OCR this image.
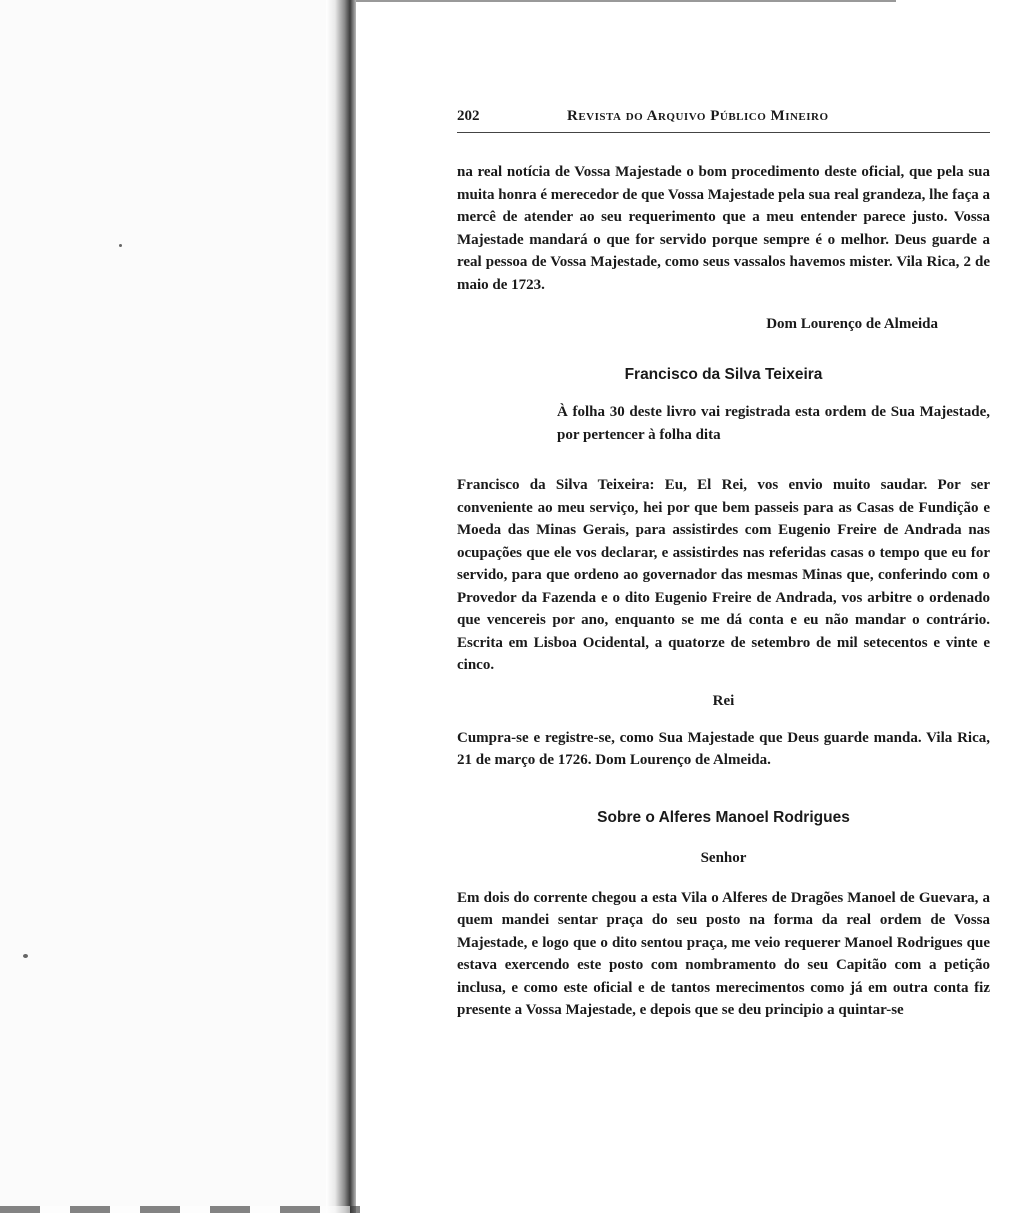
202	Revista do Arquivo Público Mineiro

na real notícia de Vossa Majestade o bom procedimento deste oficial, que pela sua muita honra é merecedor de que Vossa Majestade pela sua real grandeza, lhe faça a mercê de atender ao seu requerimento que a meu entender parece justo. Vossa Majestade mandará o que for servido porque sempre é o melhor. Deus guarde a real pessoa de Vossa Majestade, como seus vassalos havemos mister. Vila Rica, 2 de maio de 1723.

Dom Lourenço de Almeida
Francisco da Silva Teixeira

À folha 30 deste livro vai registrada esta ordem de Sua Majestade, por pertencer à folha dita

Francisco da Silva Teixeira: Eu, El Rei, vos envio muito saudar. Por ser conveniente ao meu serviço, hei por que bem passeis para as Casas de Fundição e Moeda das Minas Gerais, para assistirdes com Eugenio Freire de Andrada nas ocupações que ele vos declarar, e assistirdes nas referidas casas o tempo que eu for servido, para que ordeno ao governador das mesmas Minas que, conferindo com o Provedor da Fazenda e o dito Eugenio Freire de Andrada, vos arbitre o ordenado que vencereis por ano, enquanto se me dá conta e eu não mandar o contrário. Escrita em Lisboa Ocidental, a quatorze de setembro de mil setecentos e vinte e cinco.

Rei

Cumpra-se e registre-se, como Sua Majestade que Deus guarde manda. Vila Rica, 21 de março de 1726. Dom Lourenço de Almeida.

Sobre o Alferes Manoel Rodrigues
Senhor

Em dois do corrente chegou a esta Vila o Alferes de Dragões Manoel de Guevara, a quem mandei sentar praça do seu posto na forma da real ordem de Vossa Majestade, e logo que o dito sentou praça, me veio requerer Manoel Rodrigues que estava exercendo este posto com nombramento do seu Capitão com a petição inclusa, e como este oficial e de tantos merecimentos como já em outra conta fiz presente a Vossa Majestade, e depois que se deu principio a quintar-se
